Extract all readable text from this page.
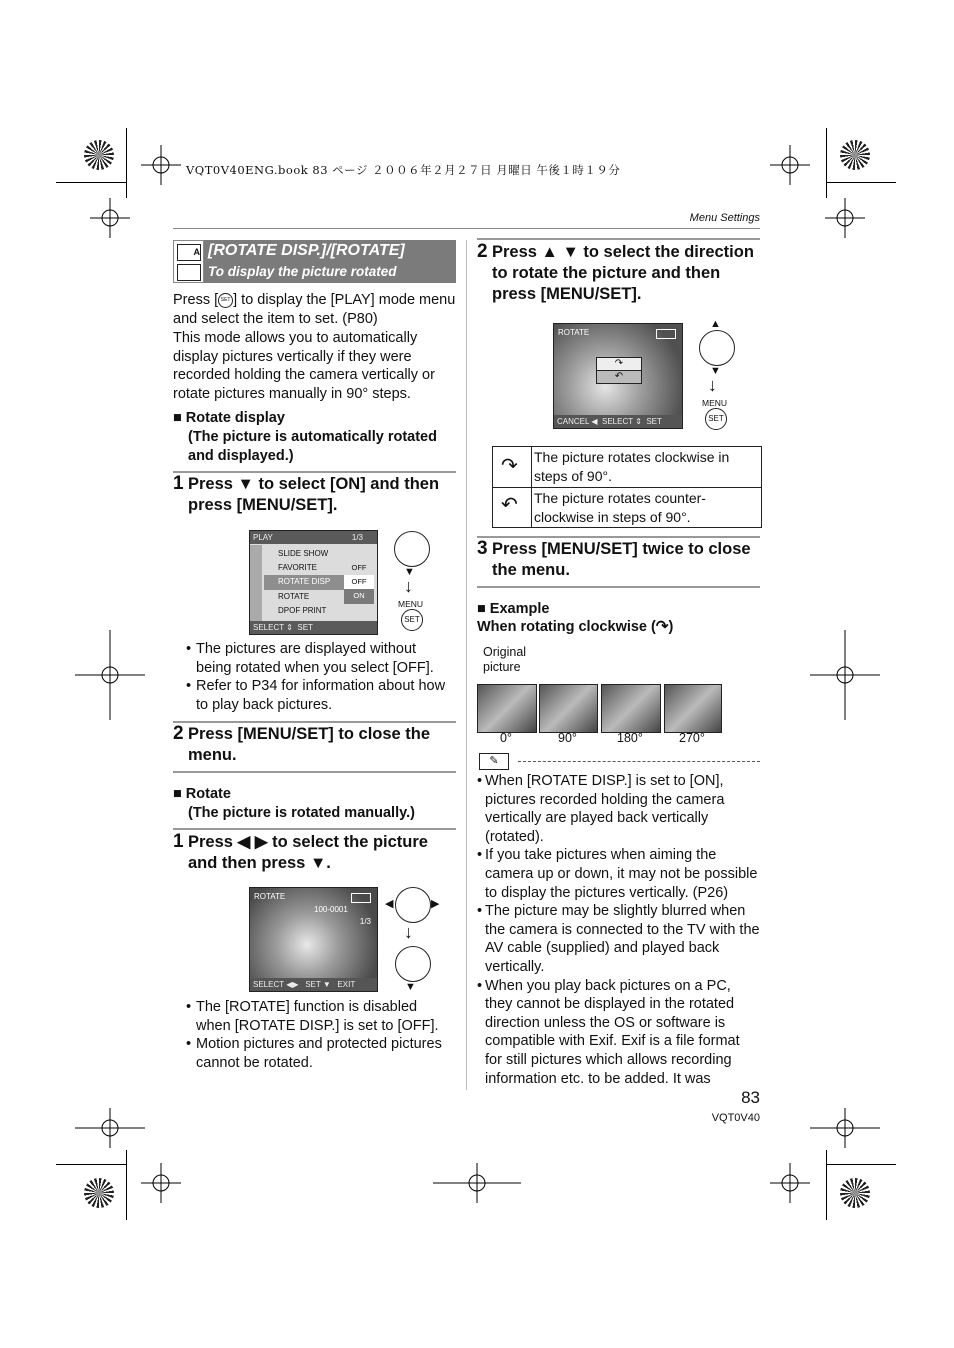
VQT0V40ENG.book 83 ページ ２００６年２月２７日 月曜日 午後１時１９分
Menu Settings
A [ROTATE DISP.]/[ROTATE]
To display the picture rotated
Press [ SET ] to display the [PLAY] mode menu and select the item to set. (P80)
This mode allows you to automatically display pictures vertically if they were recorded holding the camera vertically or rotate pictures manually in 90° steps.
■ Rotate display
(The picture is automatically rotated and displayed.)
1 Press ▼ to select [ON] and then press [MENU/SET].
PLAY	1/3
SLIDE SHOW
FAVORITE
ROTATE DISP
ROTATE
DPOF PRINT
OFF
OFF
ON
SELECT ⇕  SET
▼
↓
MENU
SET
• The pictures are displayed without being rotated when you select [OFF].
• Refer to P34 for information about how to play back pictures.
2 Press [MENU/SET] to close the menu.
■ Rotate
(The picture is rotated manually.)
1 Press ◀ ▶ to select the picture and then press ▼.
ROTATE
100-0001
1/3
SELECT ◀▶   SET ▼   EXIT
◀	▶
↓
▼
• The [ROTATE] function is disabled when [ROTATE DISP.] is set to [OFF].
• Motion pictures and protected pictures cannot be rotated.
2 Press ▲ ▼ to select the direction to rotate the picture and then press [MENU/SET].
ROTATE
↷
↶
CANCEL ◀  SELECT ⇕  SET
▲
▼
↓
MENU
SET
↷ The picture rotates clockwise in steps of 90°.
↶ The picture rotates counter-clockwise in steps of 90°.
3 Press [MENU/SET] twice to close the menu.
■ Example
When rotating clockwise (↷)
Original picture
0°	90°	180°	270°
✎
• When [ROTATE DISP.] is set to [ON], pictures recorded holding the camera vertically are played back vertically (rotated).
• If you take pictures when aiming the camera up or down, it may not be possible to display the pictures vertically. (P26)
• The picture may be slightly blurred when the camera is connected to the TV with the AV cable (supplied) and played back vertically.
• When you play back pictures on a PC, they cannot be displayed in the rotated direction unless the OS or software is compatible with Exif. Exif is a file format for still pictures which allows recording information etc. to be added. It was
83
VQT0V40
